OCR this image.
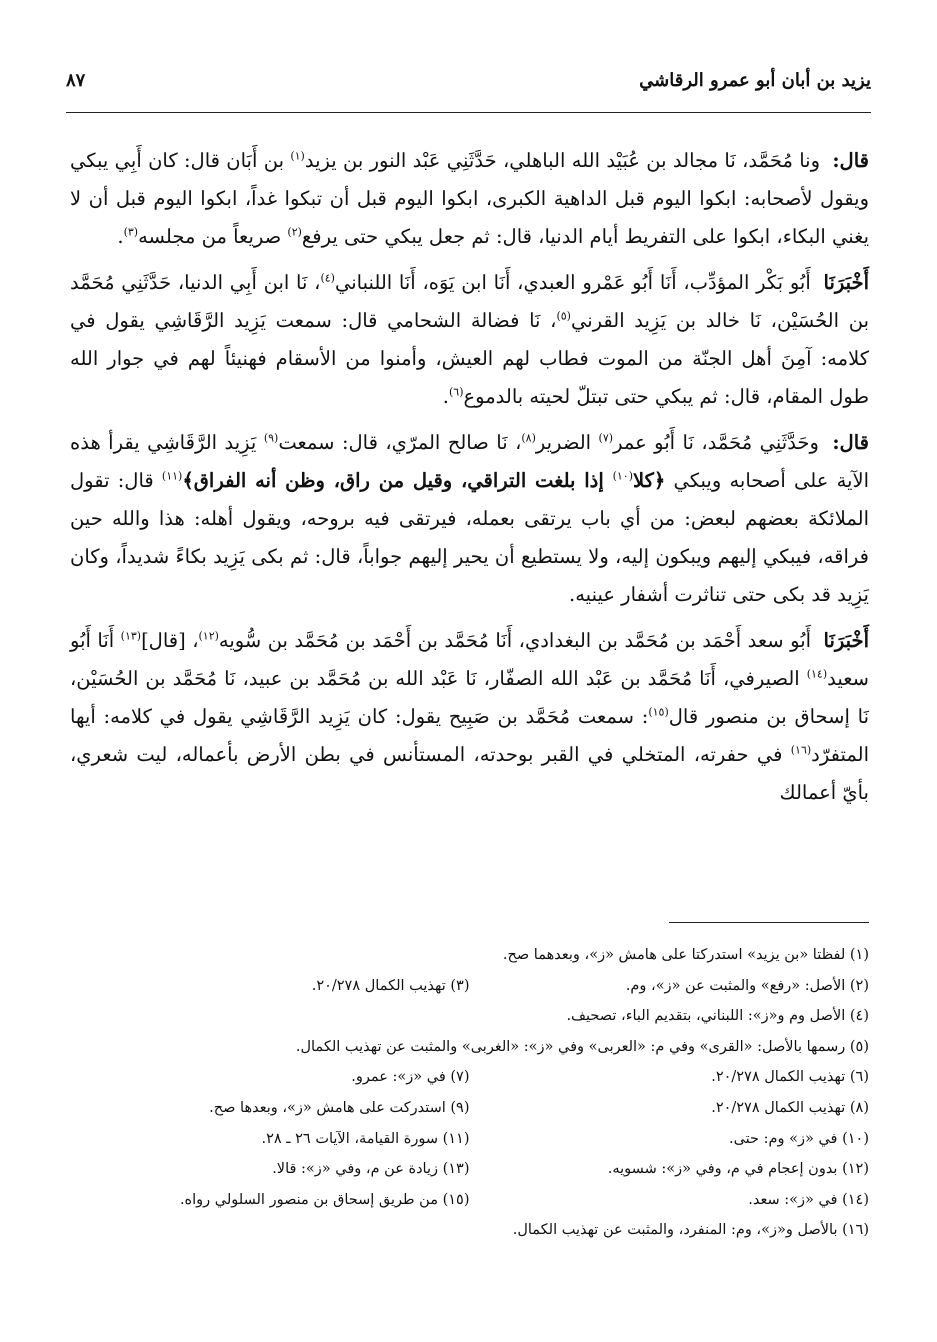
يزيد بن أبان أبو عمرو الرقاشي
٨٧

قال: ونا مُحَمَّد، نَا مجالد بن عُبَيْد الله الباهلي، حَدَّثَنِي عَبْد النور بن يزيد$^{(١)}$ بن أَبَان قال: كان أَبِي يبكي ويقول لأصحابه: ابكوا اليوم قبل الداهية الكبرى، ابكوا اليوم قبل أن تبكوا غداً، ابكوا اليوم قبل أن لا يغني البكاء، ابكوا على التفريط أيام الدنيا، قال: ثم جعل يبكي حتى يرفع$^{(٢)}$ صريعاً من مجلسه$^{(٣)}$.

أَخْبَرَنَا أَبُو بَكْر المؤدِّب، أَنَا أَبُو عَمْرو العبدي، أَنَا ابن يَوَه، أَنَا اللنباني$^{(٤)}$، نَا ابن أَبِي الدنيا، حَدَّثَنِي مُحَمَّد بن الحُسَيْن، نَا خالد بن يَزِيد القرني$^{(٥)}$، نَا فضالة الشحامي قال: سمعت يَزِيد الرَّقَاشِي يقول في كلامه: آمِنَ أهل الجنّة من الموت فطاب لهم العيش، وأمنوا من الأسقام فهنيئاً لهم في جوار الله طول المقام، قال: ثم يبكي حتى تبتلّ لحيته بالدموع$^{(٦)}$.

قال: وحَدَّثَنِي مُحَمَّد، نَا أَبُو عمر$^{(٧)}$ الضرير$^{(٨)}$، نَا صالح المرّي، قال: سمعت$^{(٩)}$ يَزِيد الرَّقَاشِي يقرأ هذه الآية على أصحابه ويبكي ﴿كلا$^{(١٠)}$ إذا بلغت التراقي، وقيل من راق، وظن أنه الفراق﴾$^{(١١)}$ قال: تقول الملائكة بعضهم لبعض: من أي باب يرتقى بعمله، فيرتقى فيه بروحه، ويقول أهله: هذا والله حين فراقه، فيبكي إليهم ويبكون إليه، ولا يستطيع أن يحير إليهم جواباً، قال: ثم بكى يَزِيد بكاءً شديداً، وكان يَزِيد قد بكى حتى تناثرت أشفار عينيه.

أَخْبَرَنَا أَبُو سعد أَحْمَد بن مُحَمَّد بن البغدادي، أَنَا مُحَمَّد بن أَحْمَد بن مُحَمَّد بن سُّويه$^{(١٢)}$، [قال]$^{(١٣)}$ أَنَا أَبُو سعيد$^{(١٤)}$ الصيرفي، أَنَا مُحَمَّد بن عَبْد الله الصفّار، نَا عَبْد الله بن مُحَمَّد بن عبيد، نَا مُحَمَّد بن الحُسَيْن، نَا إسحاق بن منصور قال$^{(١٥)}$: سمعت مُحَمَّد بن صَبِيح يقول: كان يَزِيد الرَّقَاشِي يقول في كلامه: أيها المتفرّد$^{(١٦)}$ في حفرته، المتخلي في القبر بوحدته، المستأنس في بطن الأرض بأعماله، ليت شعري، بأيّ أعمالك

(١) لفظتا «بن يزيد» استدركتا على هامش «ز»، وبعدهما صح.
(٢) الأصل: «رفع» والمثبت عن «ز»، وم.
(٣) تهذيب الكمال ٢٠/٢٧٨.
(٤) الأصل وم و«ز»: اللبناني، بتقديم الباء، تصحيف.
(٥) رسمها بالأصل: «القرى» وفي م: «العربى» وفي «ز»: «الغربى» والمثبت عن تهذيب الكمال.
(٦) تهذيب الكمال ٢٠/٢٧٨.
(٧) في «ز»: عمرو.
(٨) تهذيب الكمال ٢٠/٢٧٨.
(٩) استدركت على هامش «ز»، وبعدها صح.
(١٠) في «ز» وم: حتى.
(١١) سورة القيامة، الآيات ٢٦ ـ ٢٨.
(١٢) بدون إعجام في م، وفي «ز»: شسويه.
(١٣) زيادة عن م، وفي «ز»: قالا.
(١٤) في «ز»: سعد.
(١٥) من طريق إسحاق بن منصور السلولي رواه.
(١٦) بالأصل و«ز»، وم: المنفرد، والمثبت عن تهذيب الكمال.
